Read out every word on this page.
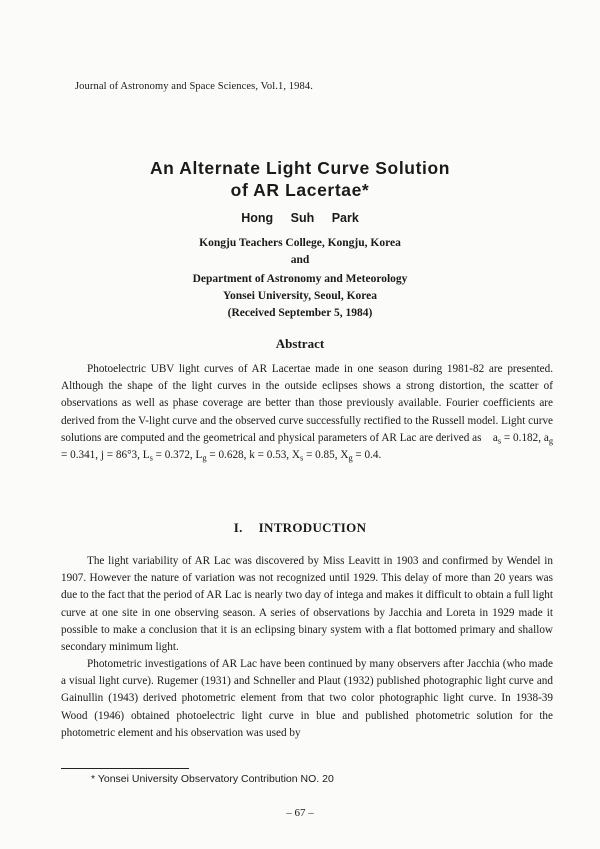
Journal of Astronomy and Space Sciences, Vol.1, 1984.
An Alternate Light Curve Solution
of AR Lacertae*
Hong Suh Park
Kongju Teachers College, Kongju, Korea
and
Department of Astronomy and Meteorology
Yonsei University, Seoul, Korea
(Received September 5, 1984)
Abstract
Photoelectric UBV light curves of AR Lacertae made in one season during 1981-82 are presented. Although the shape of the light curves in the outside eclipses shows a strong distortion, the scatter of observations as well as phase coverage are better than those previously available. Fourier coefficients are derived from the V-light curve and the observed curve successfully rectified to the Russell model. Light curve solutions are computed and the geometrical and physical parameters of AR Lac are derived as $a_s = 0.182$, $a_g = 0.341$, j = 86°3, $L_s = 0.372$, $L_g = 0.628$, k = 0.53, $X_s = 0.85$, $X_g = 0.4$.
I. INTRODUCTION
The light variability of AR Lac was discovered by Miss Leavitt in 1903 and confirmed by Wendel in 1907. However the nature of variation was not recognized until 1929. This delay of more than 20 years was due to the fact that the period of AR Lac is nearly two day of intega and makes it difficult to obtain a full light curve at one site in one observing season. A series of observations by Jacchia and Loreta in 1929 made it possible to make a conclusion that it is an eclipsing binary system with a flat bottomed primary and shallow secondary minimum light.
Photometric investigations of AR Lac have been continued by many observers after Jacchia (who made a visual light curve). Rugemer (1931) and Schneller and Plaut (1932) published photographic light curve and Gainullin (1943) derived photometric element from that two color photographic light curve. In 1938-39 Wood (1946) obtained photoelectric light curve in blue and published photometric solution for the photometric element and his observation was used by
* Yonsei University Observatory Contribution NO. 20
– 67 –
